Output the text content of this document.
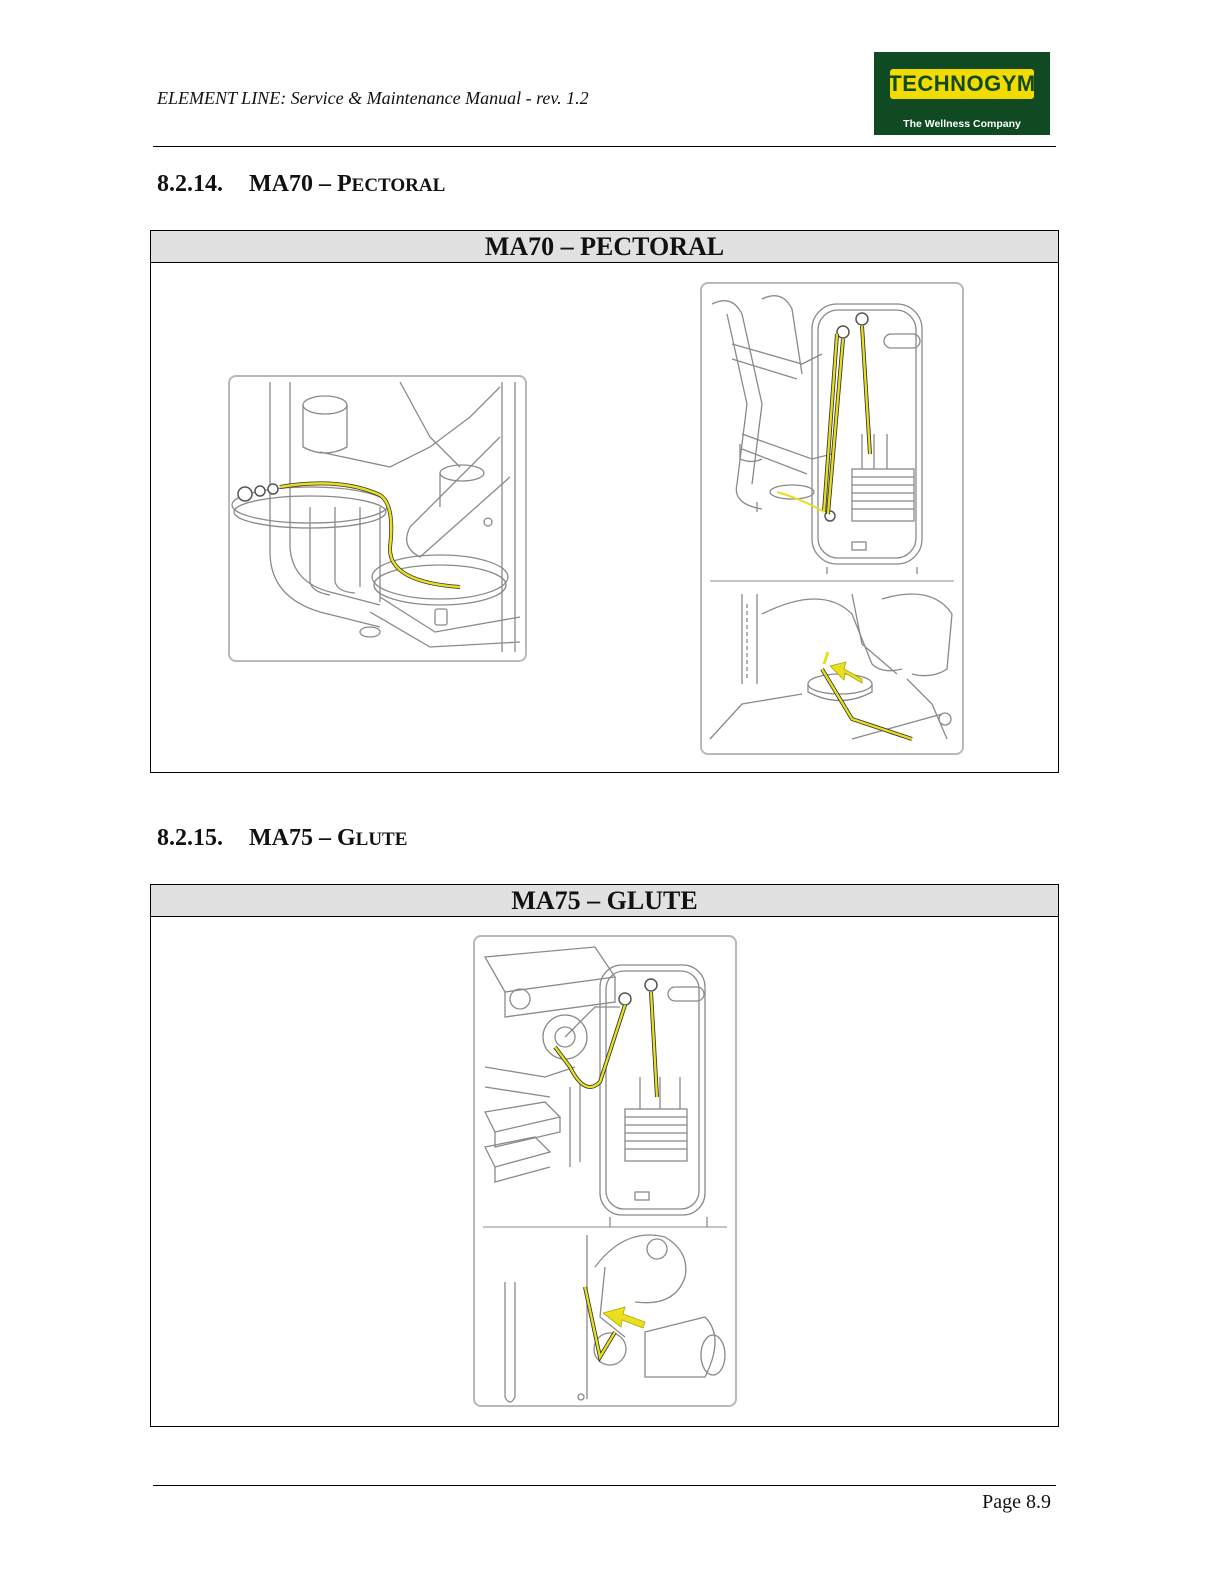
ELEMENT LINE: Service & Maintenance Manual - rev. 1.2
TECHNOGYM
The Wellness Company
8.2.14. MA70 – PECTORAL
MA70 – PECTORAL
8.2.15. MA75 – GLUTE
MA75 – GLUTE
Page 8.9
